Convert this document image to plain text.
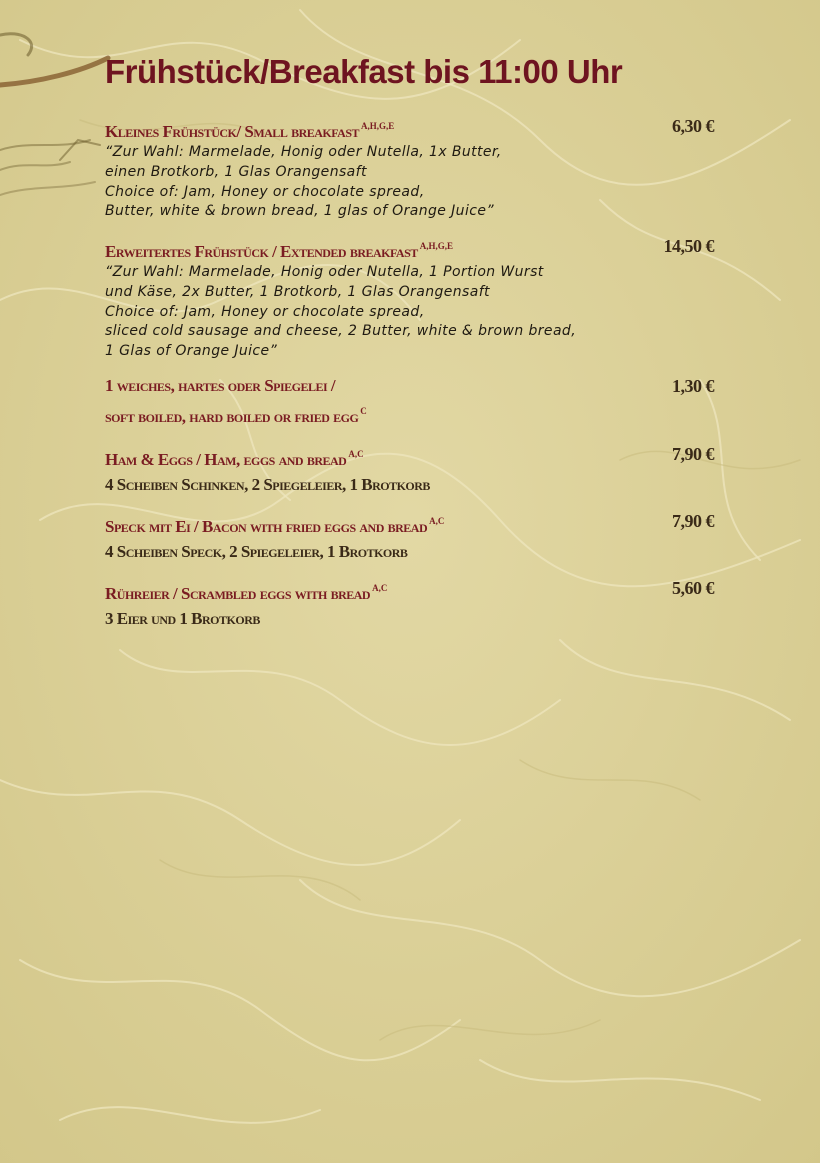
Frühstück/Breakfast bis 11:00 Uhr
Kleines Frühstück/ Small breakfast $^{A,H,G,E}$	6,30 €
“Zur Wahl: Marmelade, Honig oder Nutella, 1x Butter,
einen Brotkorb, 1 Glas Orangensaft
Choice of: Jam, Honey or chocolate spread,
Butter, white & brown bread, 1 glas of Orange Juice”
Erweitertes Frühstück / Extended breakfast $^{A,H,G,E}$	14,50 €
“Zur Wahl: Marmelade, Honig oder Nutella, 1 Portion Wurst
und Käse, 2x Butter, 1 Brotkorb, 1 Glas Orangensaft
Choice of: Jam, Honey or chocolate spread,
sliced cold sausage and cheese, 2 Butter, white & brown bread,
1 Glas of Orange Juice”
1 weiches, hartes oder Spiegelei /	1,30 €
soft boiled, hard boiled or fried egg $^C$
Ham & Eggs / Ham, eggs and bread $^{A,C}$	7,90 €
4 Scheiben Schinken, 2 Spiegeleier, 1 Brotkorb
Speck mit Ei / Bacon with fried eggs and bread $^{A,C}$	7,90 €
4 Scheiben Speck, 2 Spiegeleier, 1 Brotkorb
Rühreier / Scrambled eggs with bread $^{A,C}$	5,60 €
3 Eier und 1 Brotkorb
